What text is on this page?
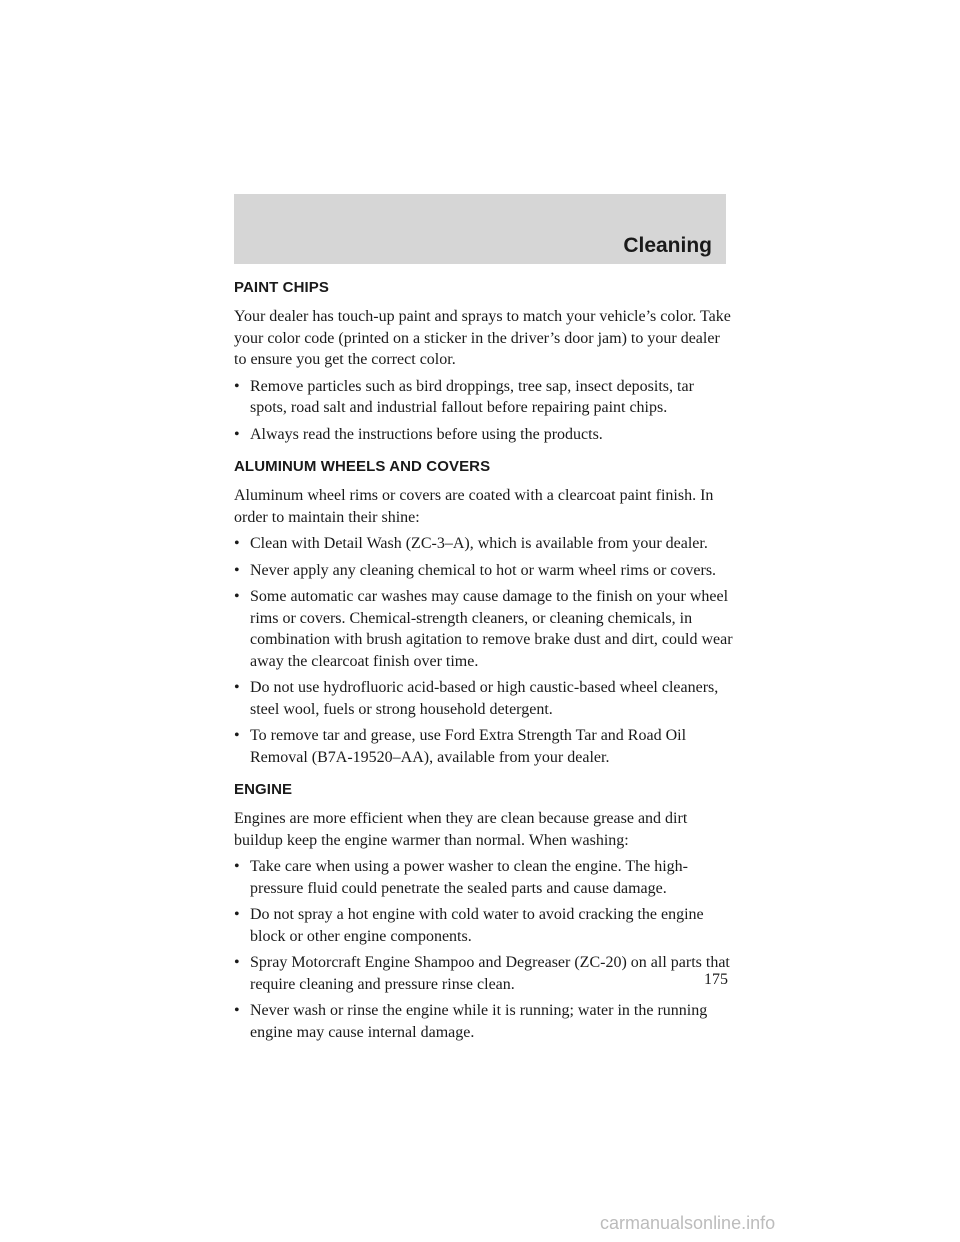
Cleaning
PAINT CHIPS

Your dealer has touch-up paint and sprays to match your vehicle’s color. Take your color code (printed on a sticker in the driver’s door jam) to your dealer to ensure you get the correct color.

• Remove particles such as bird droppings, tree sap, insect deposits, tar spots, road salt and industrial fallout before repairing paint chips.
• Always read the instructions before using the products.
ALUMINUM WHEELS AND COVERS

Aluminum wheel rims or covers are coated with a clearcoat paint finish. In order to maintain their shine:

• Clean with Detail Wash (ZC-3–A), which is available from your dealer.
• Never apply any cleaning chemical to hot or warm wheel rims or covers.
• Some automatic car washes may cause damage to the finish on your wheel rims or covers. Chemical-strength cleaners, or cleaning chemicals, in combination with brush agitation to remove brake dust and dirt, could wear away the clearcoat finish over time.
• Do not use hydrofluoric acid-based or high caustic-based wheel cleaners, steel wool, fuels or strong household detergent.
• To remove tar and grease, use Ford Extra Strength Tar and Road Oil Removal (B7A-19520–AA), available from your dealer.
ENGINE

Engines are more efficient when they are clean because grease and dirt buildup keep the engine warmer than normal. When washing:

• Take care when using a power washer to clean the engine. The high-pressure fluid could penetrate the sealed parts and cause damage.
• Do not spray a hot engine with cold water to avoid cracking the engine block or other engine components.
• Spray Motorcraft Engine Shampoo and Degreaser (ZC-20) on all parts that require cleaning and pressure rinse clean.
• Never wash or rinse the engine while it is running; water in the running engine may cause internal damage.
175
carmanualsonline.info
